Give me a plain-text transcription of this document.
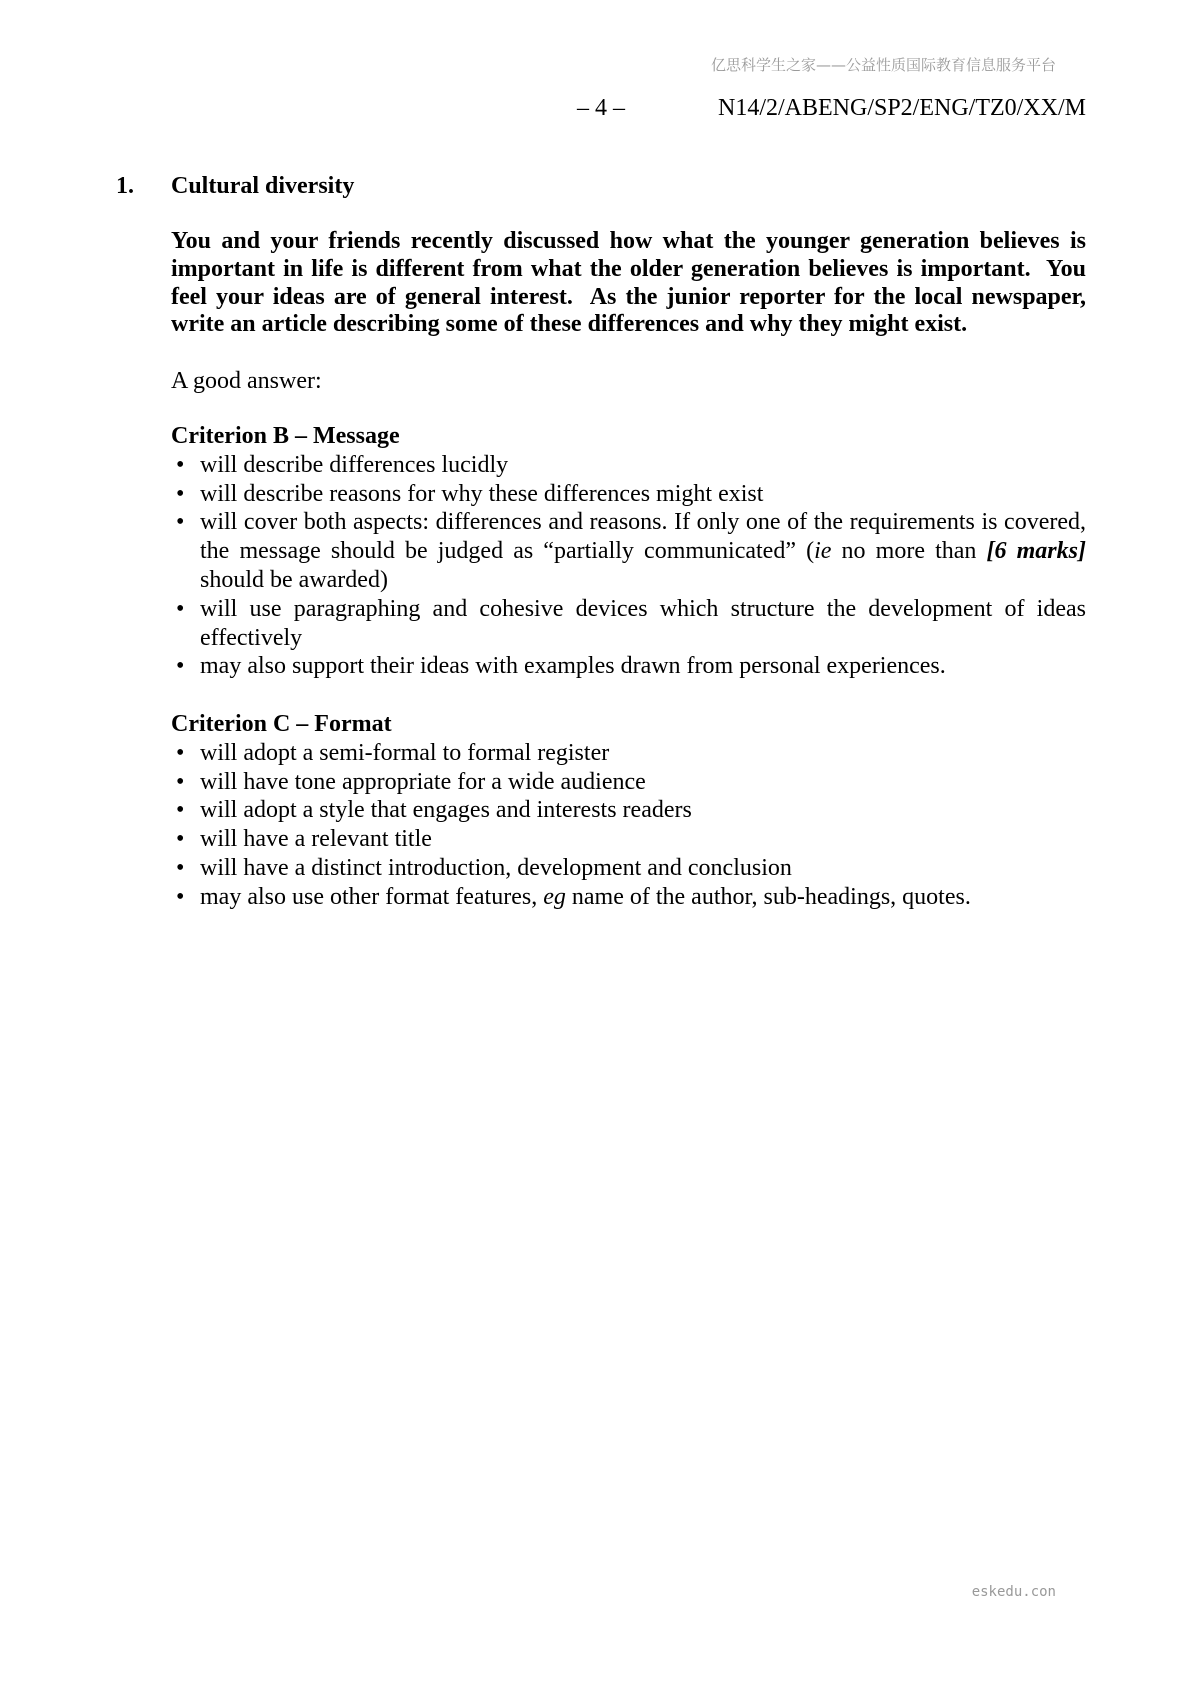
亿思科学生之家——公益性质国际教育信息服务平台
– 4 –	N14/2/ABENG/SP2/ENG/TZ0/XX/M
1. Cultural diversity

You and your friends recently discussed how what the younger generation believes is important in life is different from what the older generation believes is important.  You feel your ideas are of general interest.  As the junior reporter for the local newspaper, write an article describing some of these differences and why they might exist.

A good answer:
Criterion B – Message
•
will describe differences lucidly
•
will describe reasons for why these differences might exist
•
will cover both aspects: differences and reasons. If only one of the requirements is covered, the message should be judged as “partially communicated” (ie no more than [6 marks] should be awarded)
•
will use paragraphing and cohesive devices which structure the development of ideas effectively
•
may also support their ideas with examples drawn from personal experiences.
Criterion C – Format
•
will adopt a semi-formal to formal register
•
will have tone appropriate for a wide audience
•
will adopt a style that engages and interests readers
•
will have a relevant title
•
will have a distinct introduction, development and conclusion
•
may also use other format features, eg name of the author, sub-headings, quotes.
eskedu.con
